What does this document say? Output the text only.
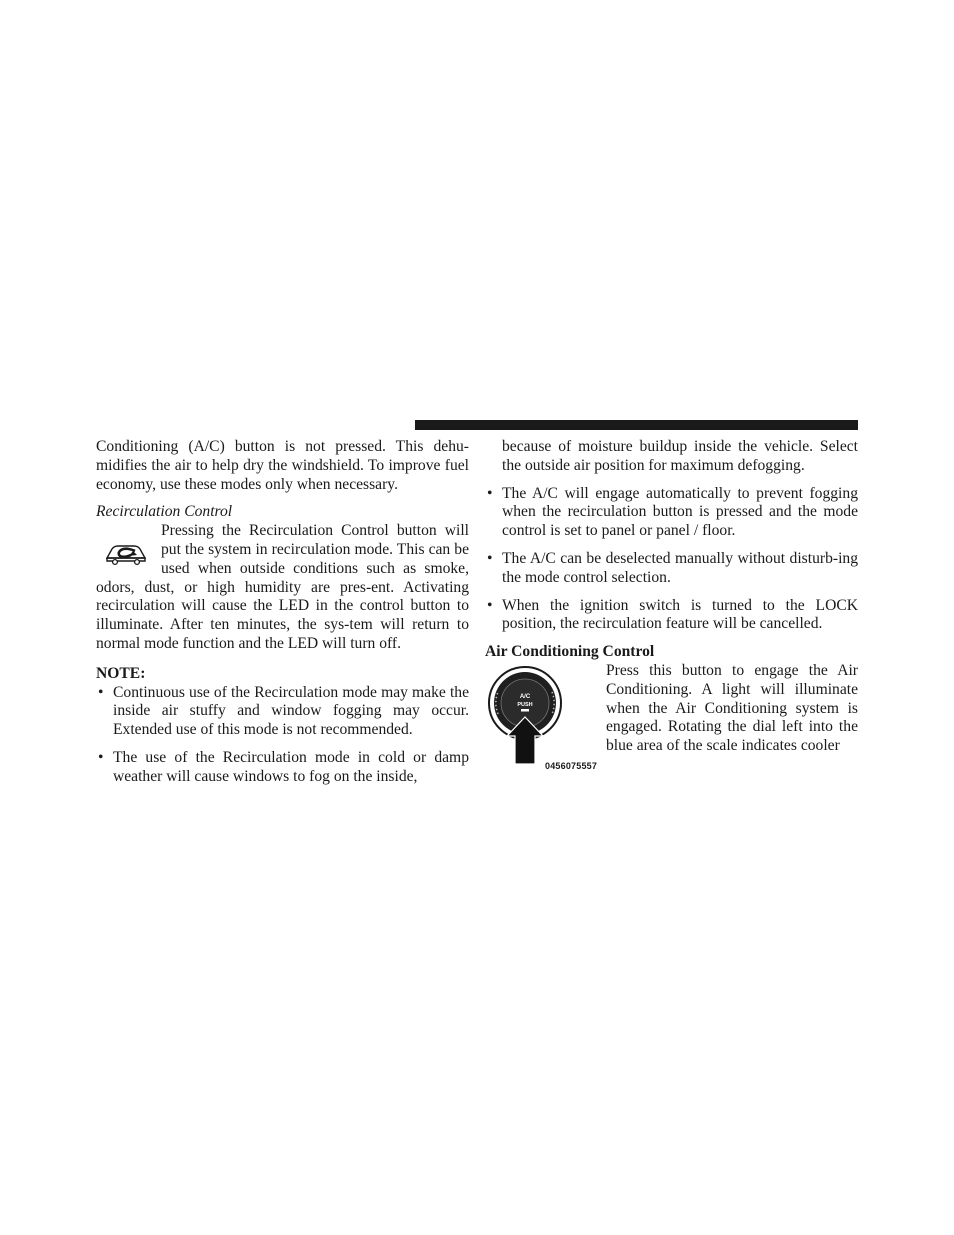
Conditioning (A/C) button is not pressed. This dehu-midifies the air to help dry the windshield. To improve fuel economy, use these modes only when necessary.

Recirculation Control

Pressing the Recirculation Control button will put the system in recirculation mode. This can be used when outside conditions such as smoke, odors, dust, or high humidity are pres-ent. Activating recirculation will cause the LED in the control button to illuminate. After ten minutes, the sys-tem will return to normal mode function and the LED will turn off.

NOTE:
• Continuous use of the Recirculation mode may make the inside air stuffy and window fogging may occur. Extended use of this mode is not recommended.
• The use of the Recirculation mode in cold or damp weather will cause windows to fog on the inside,

because of moisture buildup inside the vehicle. Select the outside air position for maximum defogging.

• The A/C will engage automatically to prevent fogging when the recirculation button is pressed and the mode control is set to panel or panel / floor.
• The A/C can be deselected manually without disturb-ing the mode control selection.
• When the ignition switch is turned to the LOCK position, the recirculation feature will be cancelled.
Air Conditioning Control
A/C
PUSH
0456075557

Press this button to engage the Air Conditioning. A light will illuminate when the Air Conditioning system is engaged. Rotating the dial left into the blue area of the scale indicates cooler
